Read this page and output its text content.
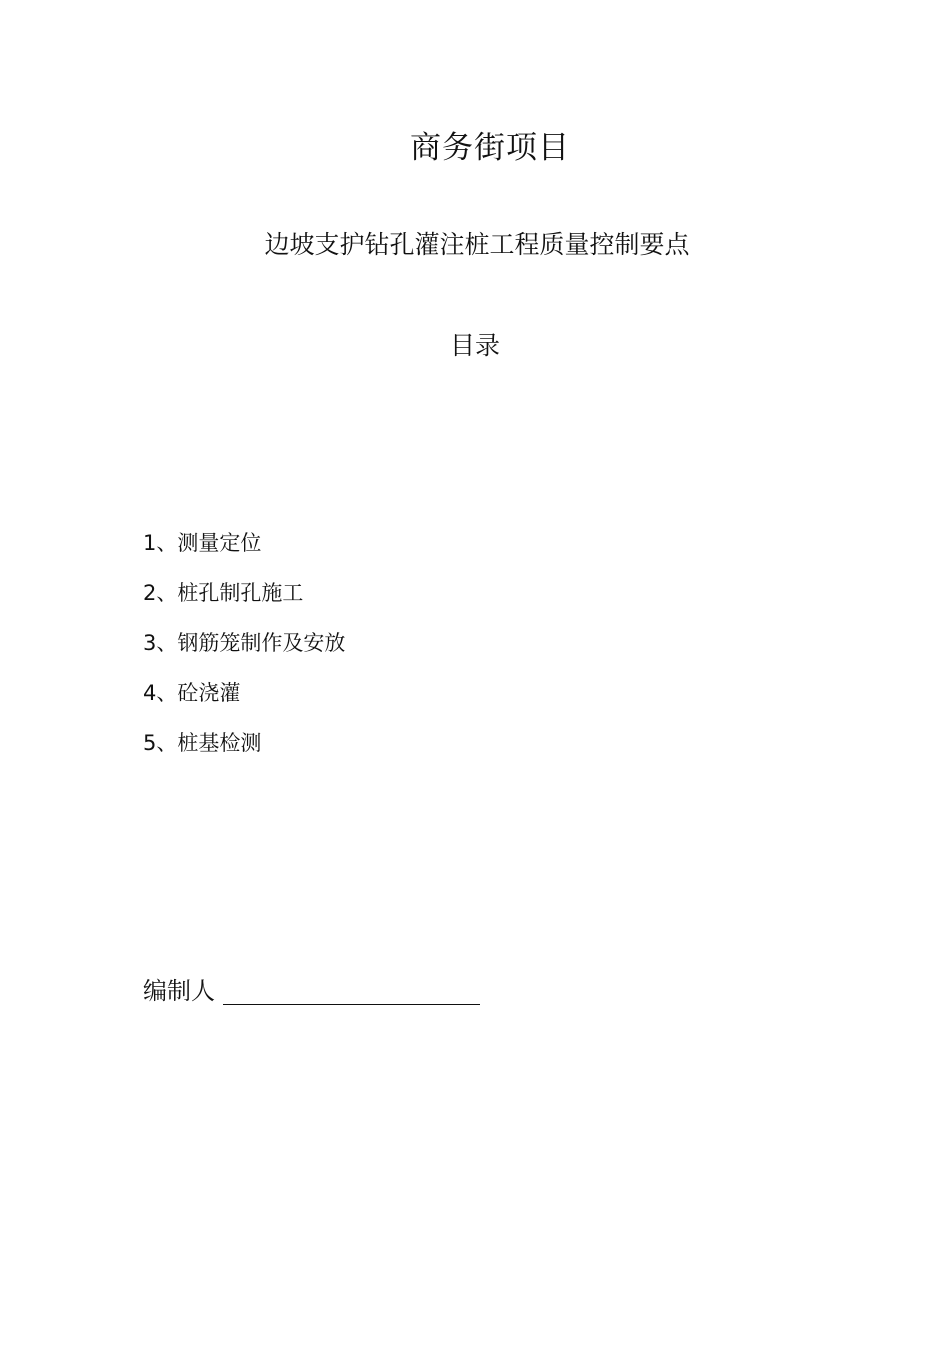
商务街项目
边坡支护钻孔灌注桩工程质量控制要点
目录
1、测量定位
2、桩孔制孔施工
3、钢筋笼制作及安放
4、砼浇灌
5、桩基检测
编制人
